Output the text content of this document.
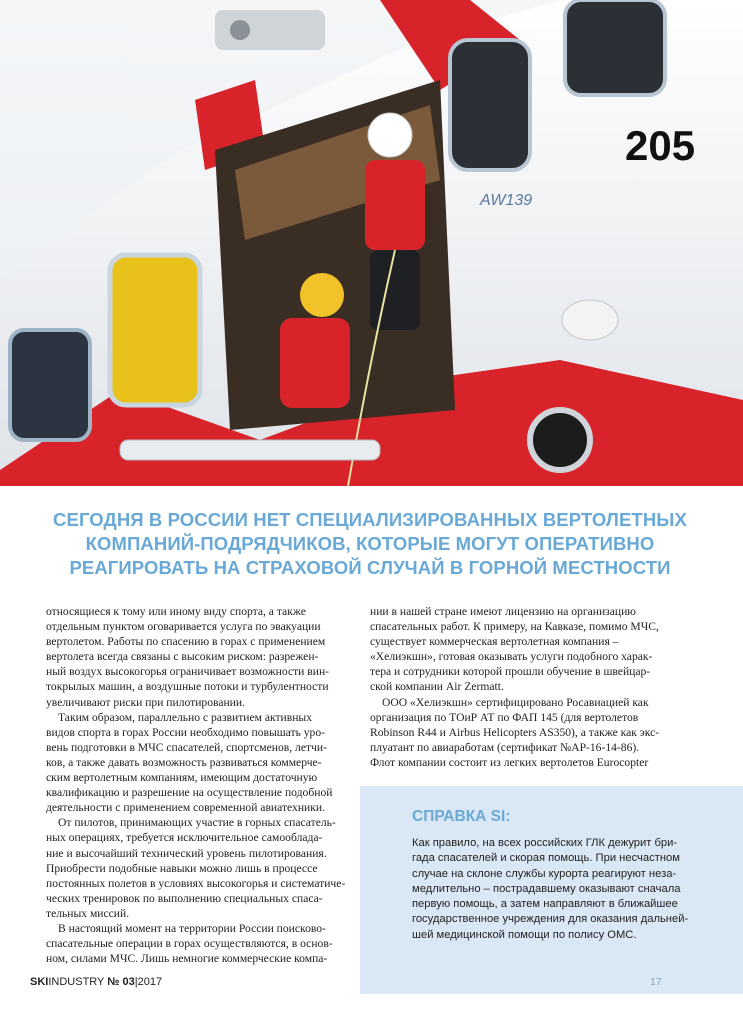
205
AW139
СЕГОДНЯ В РОССИИ НЕТ СПЕЦИАЛИЗИРОВАННЫХ ВЕРТОЛЕТНЫХ
КОМПАНИЙ-ПОДРЯДЧИКОВ, КОТОРЫЕ МОГУТ ОПЕРАТИВНО
РЕАГИРОВАТЬ НА СТРАХОВОЙ СЛУЧАЙ В ГОРНОЙ МЕСТНОСТИ
относящиеся к тому или иному виду спорта, а также
отдельным пунктом оговаривается услуга по эвакуации
вертолетом. Работы по спасению в горах с применением
вертолета всегда связаны с высоким риском: разрежен-
ный воздух высокогорья ограничивает возможности вин-
токрылых машин, а воздушные потоки и турбулентности
увеличивают риски при пилотировании.
Таким образом, параллельно с развитием активных
видов спорта в горах России необходимо повышать уро-
вень подготовки в МЧС спасателей, спортсменов, летчи-
ков, а также давать возможность развиваться коммерче-
ским вертолетным компаниям, имеющим достаточную
квалификацию и разрешение на осуществление подобной
деятельности с применением современной авиатехники.
От пилотов, принимающих участие в горных спасатель-
ных операциях, требуется исключительное самооблада-
ние и высочайший технический уровень пилотирования.
Приобрести подобные навыки можно лишь в процессе
постоянных полетов в условиях высокогорья и систематиче-
ческих тренировок по выполнению специальных спаса-
тельных миссий.
В настоящий момент на территории России поисково-
спасательные операции в горах осуществляются, в основ-
ном, силами МЧС. Лишь немногие коммерческие компа-
нии в нашей стране имеют лицензию на организацию
спасательных работ. К примеру, на Кавказе, помимо МЧС,
существует коммерческая вертолетная компания –
«Хелиэкшн», готовая оказывать услуги подобного харак-
тера и сотрудники которой прошли обучение в швейцар-
ской компании Air Zermatt.
ООО «Хелиэкшн» сертифицировано Росавиацией как
организация по ТОиР АТ по ФАП 145 (для вертолетов
Robinson R44 и Airbus Helicopters AS350), а также как экс-
плуатант по авиаработам (сертификат №АР-16-14-86).
Флот компании состоит из легких вертолетов Eurocopter
СПРАВКА SI:
Как правило, на всех российских ГЛК дежурит бри-
гада спасателей и скорая помощь. При несчастном
случае на склоне службы курорта реагируют неза-
медлительно – пострадавшему оказывают сначала
первую помощь, а затем направляют в ближайшее
государственное учреждения для оказания дальней-
шей медицинской помощи по полису ОМС.
SKIINDUSTRY № 03|2017	17
